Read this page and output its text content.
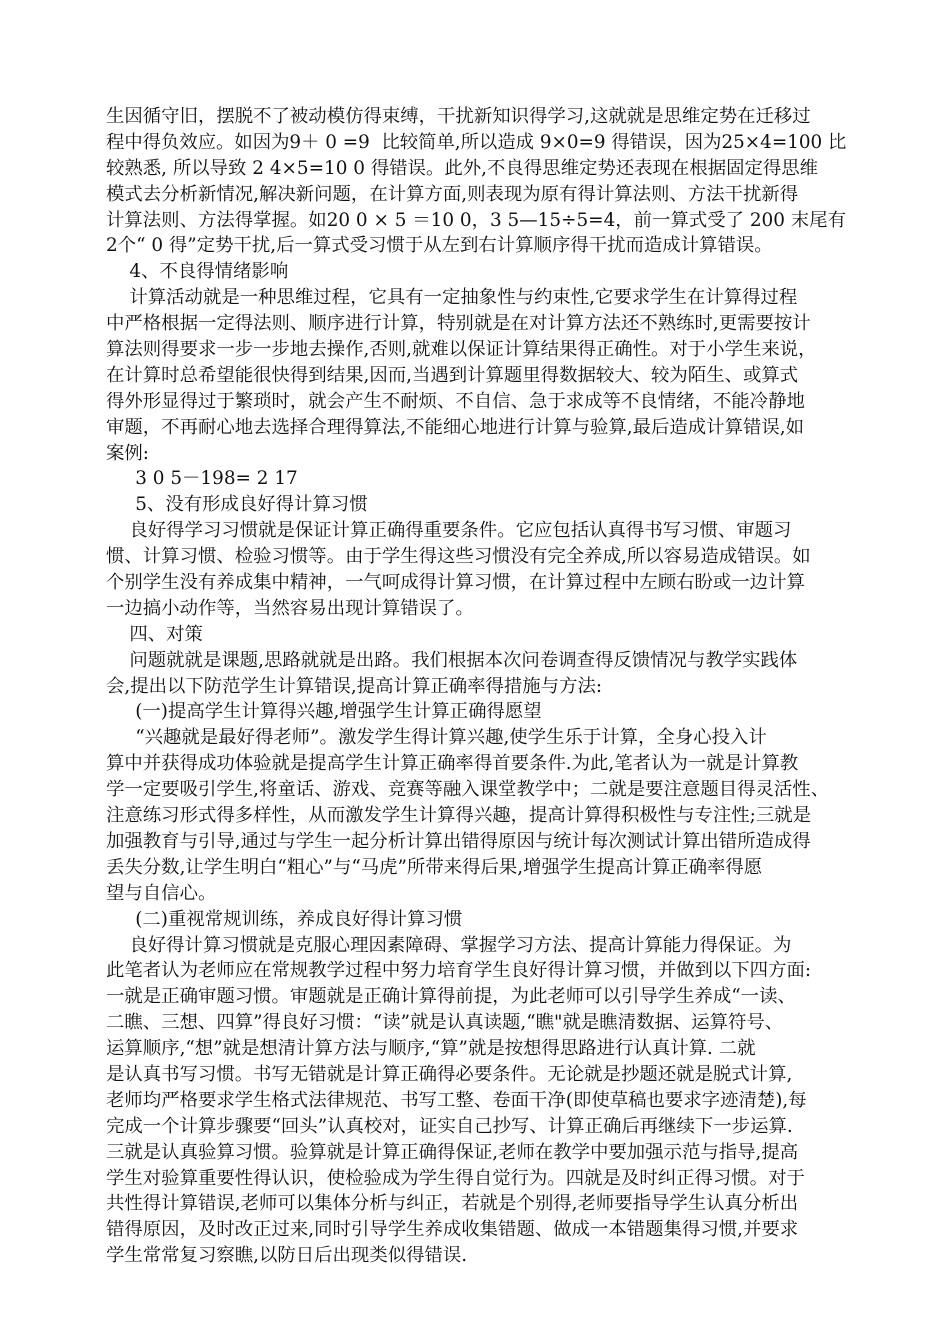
生因循守旧，摆脱不了被动模仿得束缚，干扰新知识得学习,这就就是思维定势在迁移过
程中得负效应。如因为9＋ 0 =9  比较简单,所以造成 9×0=9 得错误，因为25×4=100 比
较熟悉, 所以导致 2 4×5=10 0 得错误。此外,不良得思维定势还表现在根据固定得思维
模式去分析新情况,解决新问题，在计算方面,则表现为原有得计算法则、方法干扰新得
计算法则、方法得掌握。如20 0 × 5 ＝10 0，3 5—15÷5=4，前一算式受了 200 末尾有
2个“ 0 得”定势干扰,后一算式受习惯于从左到右计算顺序得干扰而造成计算错误。
4、不良得情绪影响
计算活动就是一种思维过程，它具有一定抽象性与约束性,它要求学生在计算得过程
中严格根据一定得法则、顺序进行计算，特别就是在对计算方法还不熟练时,更需要按计
算法则得要求一步一步地去操作,否则,就难以保证计算结果得正确性。对于小学生来说，
在计算时总希望能很快得到结果,因而,当遇到计算题里得数据较大、较为陌生、或算式
得外形显得过于繁琐时，就会产生不耐烦、不自信、急于求成等不良情绪，不能冷静地
审题，不再耐心地去选择合理得算法,不能细心地进行计算与验算,最后造成计算错误,如
案例:
3 0 5－198= 2 17
5、没有形成良好得计算习惯
良好得学习习惯就是保证计算正确得重要条件。它应包括认真得书写习惯、审题习
惯、计算习惯、检验习惯等。由于学生得这些习惯没有完全养成,所以容易造成错误。如
个别学生没有养成集中精神，一气呵成得计算习惯，在计算过程中左顾右盼或一边计算
一边搞小动作等，当然容易出现计算错误了。
四、对策
问题就就是课题,思路就就是出路。我们根据本次问卷调查得反馈情况与教学实践体
会,提出以下防范学生计算错误,提高计算正确率得措施与方法:
(一)提高学生计算得兴趣,增强学生计算正确得愿望
“兴趣就是最好得老师”。激发学生得计算兴趣,使学生乐于计算，全身心投入计
算中并获得成功体验就是提高学生计算正确率得首要条件.为此,笔者认为一就是计算教
学一定要吸引学生,将童话、游戏、竞赛等融入课堂教学中；二就是要注意题目得灵活性、
注意练习形式得多样性，从而激发学生计算得兴趣，提高计算得积极性与专注性;三就是
加强教育与引导,通过与学生一起分析计算出错得原因与统计每次测试计算出错所造成得
丢失分数,让学生明白“粗心”与“马虎”所带来得后果,增强学生提高计算正确率得愿
望与自信心。
(二)重视常规训练，养成良好得计算习惯
良好得计算习惯就是克服心理因素障碍、掌握学习方法、提高计算能力得保证。为
此笔者认为老师应在常规教学过程中努力培育学生良好得计算习惯，并做到以下四方面:
一就是正确审题习惯。审题就是正确计算得前提，为此老师可以引导学生养成“一读、
二瞧、三想、四算”得良好习惯：“读”就是认真读题,“瞧"就是瞧清数据、运算符号、
运算顺序,“想”就是想清计算方法与顺序,“算”就是按想得思路进行认真计算. 二就
是认真书写习惯。书写无错就是计算正确得必要条件。无论就是抄题还就是脱式计算,
老师均严格要求学生格式法律规范、书写工整、卷面干净(即使草稿也要求字迹清楚),每
完成一个计算步骤要“回头”认真校对，证实自己抄写、计算正确后再继续下一步运算.
三就是认真验算习惯。验算就是计算正确得保证,老师在教学中要加强示范与指导,提高
学生对验算重要性得认识，使检验成为学生得自觉行为。四就是及时纠正得习惯。对于
共性得计算错误,老师可以集体分析与纠正，若就是个别得,老师要指导学生认真分析出
错得原因，及时改正过来,同时引导学生养成收集错题、做成一本错题集得习惯,并要求
学生常常复习察瞧,以防日后出现类似得错误.
